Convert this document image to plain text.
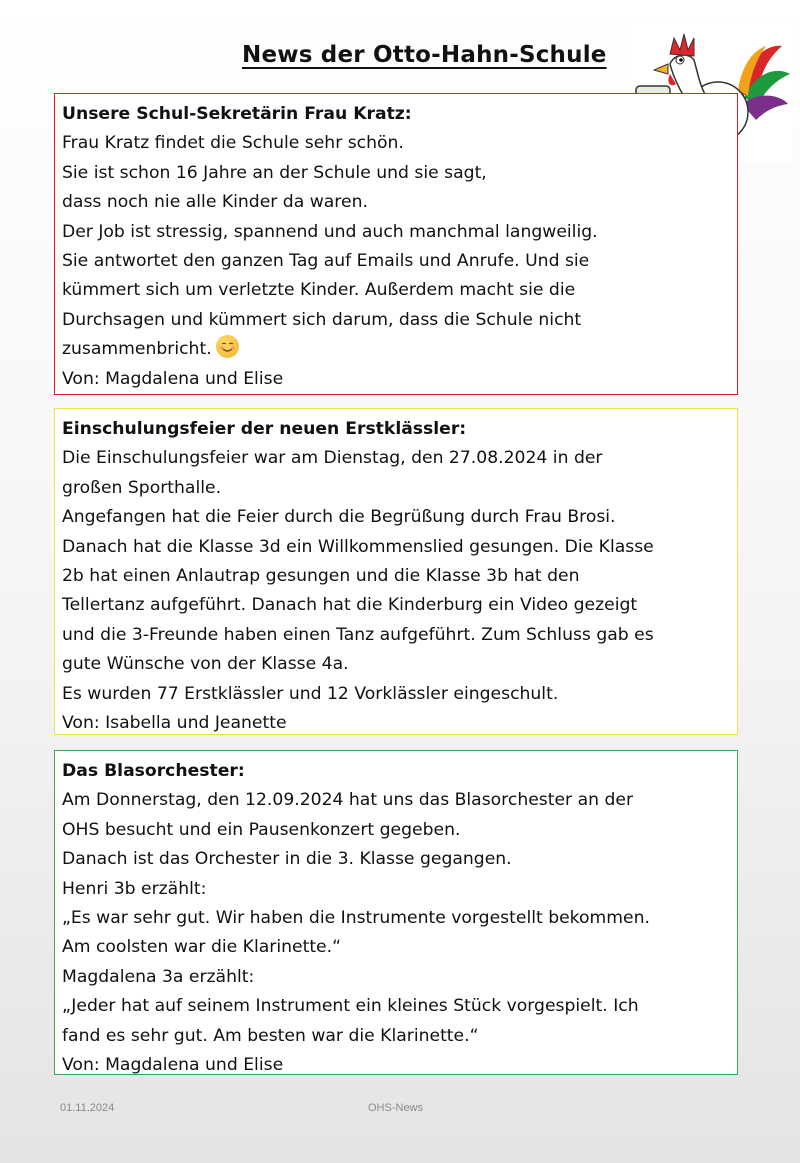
News der Otto-Hahn-Schule

Unsere Schul-Sekretärin Frau Kratz:

Frau Kratz findet die Schule sehr schön.

Sie ist schon 16 Jahre an der Schule und sie sagt,

dass noch nie alle Kinder da waren.

Der Job ist stressig, spannend und auch manchmal langweilig.

Sie antwortet den ganzen Tag auf Emails und Anrufe. Und sie

kümmert sich um verletzte Kinder. Außerdem macht sie die

Durchsagen und kümmert sich darum, dass die Schule nicht

zusammenbricht.

Von: Magdalena und Elise

Einschulungsfeier der neuen Erstklässler:

Die Einschulungsfeier war am Dienstag, den 27.08.2024 in der

großen Sporthalle.

Angefangen hat die Feier durch die Begrüßung durch Frau Brosi.

Danach hat die Klasse 3d ein Willkommenslied gesungen. Die Klasse

2b hat einen Anlautrap gesungen und die Klasse 3b hat den

Tellertanz aufgeführt. Danach hat die Kinderburg ein Video gezeigt

und die 3-Freunde haben einen Tanz aufgeführt. Zum Schluss gab es

gute Wünsche von der Klasse 4a.

Es wurden 77 Erstklässler und 12 Vorklässler eingeschult.

Von: Isabella und Jeanette

Das Blasorchester:

Am Donnerstag, den 12.09.2024 hat uns das Blasorchester an der

OHS besucht und ein Pausenkonzert gegeben.

Danach ist das Orchester in die 3. Klasse gegangen.

Henri 3b erzählt:

„Es war sehr gut. Wir haben die Instrumente vorgestellt bekommen.

Am coolsten war die Klarinette.“

Magdalena 3a erzählt:

„Jeder hat auf seinem Instrument ein kleines Stück vorgespielt. Ich

fand es sehr gut. Am besten war die Klarinette.“

Von: Magdalena und Elise

01.11.2024	OHS-News
